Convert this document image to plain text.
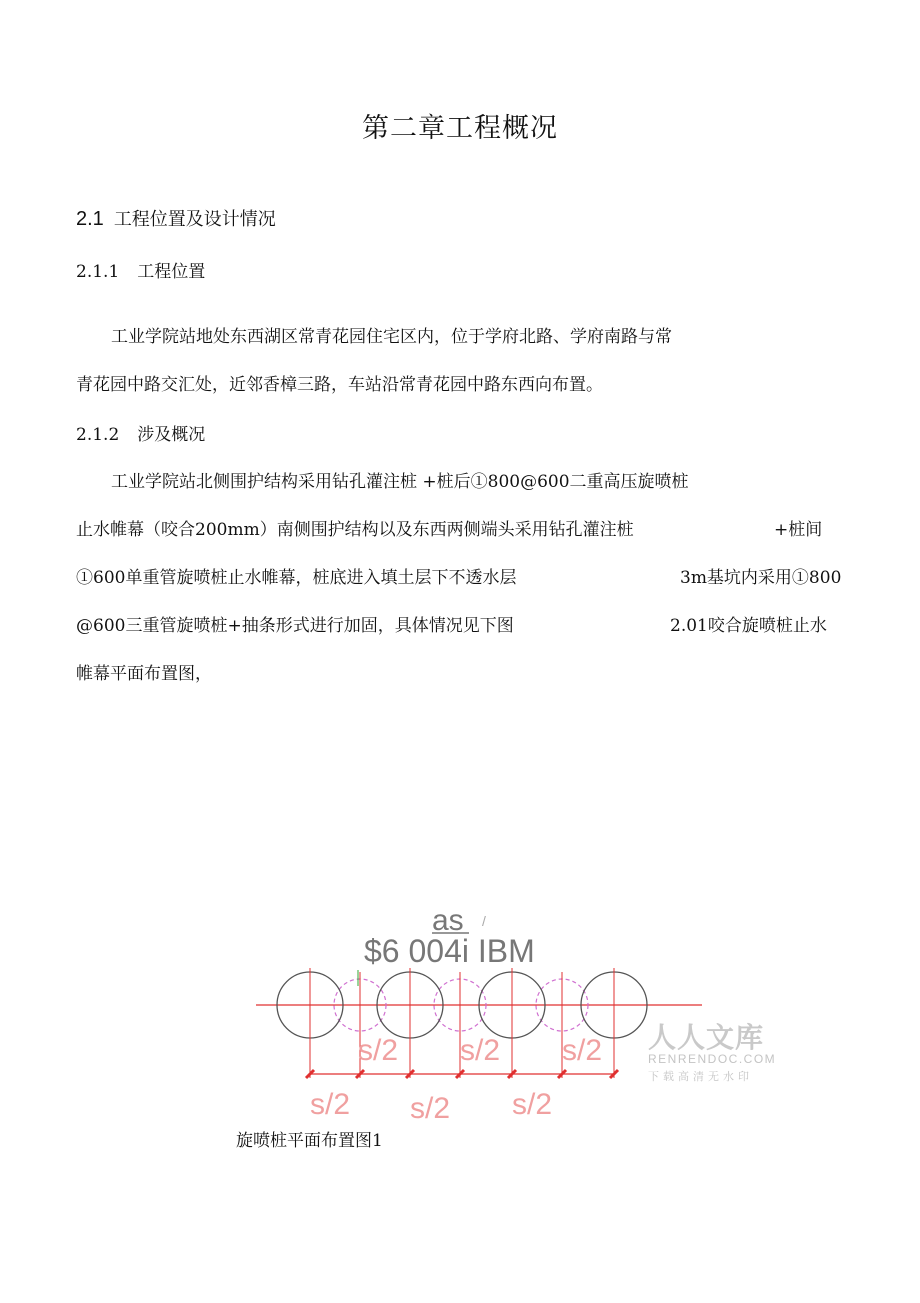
第二章工程概况
2.1 工程位置及设计情况
2.1.1 工程位置
工业学院站地处东西湖区常青花园住宅区内，位于学府北路、学府南路与常
青花园中路交汇处，近邻香樟三路，车站沿常青花园中路东西向布置。
2.1.2 涉及概况
工业学院站北侧围护结构采用钻孔灌注桩 +桩后①800@600二重高压旋喷桩
止水帷幕（咬合200mm）南侧围护结构以及东西两侧端头采用钻孔灌注桩	+桩间
①600单重管旋喷桩止水帷幕，桩底进入填土层下不透水层	3m基坑内采用①800
@600三重管旋喷桩+抽条形式进行加固，具体情况见下图	2.01咬合旋喷桩止水
帷幕平面布置图，
as /
$6 004i IBM
s/2 s/2 s/2
s/2 s/2 s/2
人人文库
RENRENDOC.COM
下载高清无水印
旋喷桩平面布置图1
